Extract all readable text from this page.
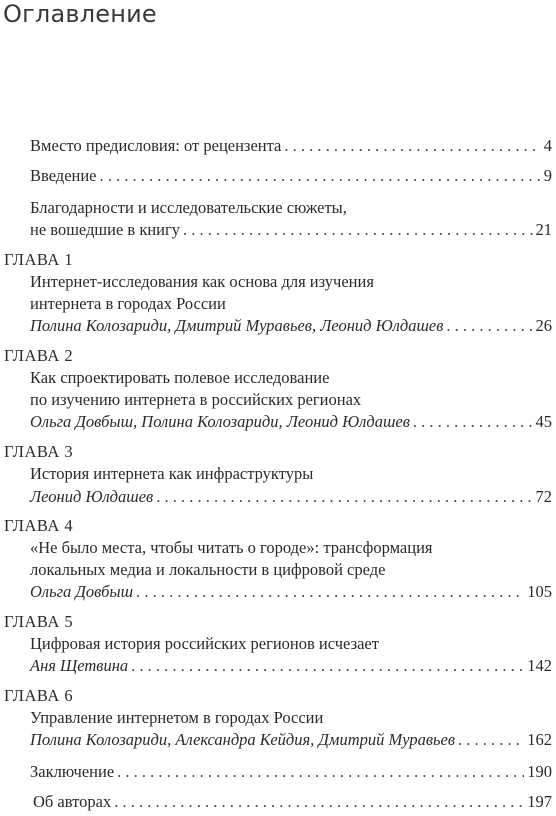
Оглавление
Вместо предисловия: от рецензента . . .	4
Введение . . .	9
Благодарности и исследовательские сюжеты,
не вошедшие в книгу . . .	21
ГЛАВА 1
Интернет-исследования как основа для изучения
интернета в городах России
Полина Колозариди, Дмитрий Муравьев, Леонид Юлдашев . . .	26
ГЛАВА 2
Как спроектировать полевое исследование
по изучению интернета в российских регионах
Ольга Довбыш, Полина Колозариди, Леонид Юлдашев . . .	45
ГЛАВА 3
История интернета как инфраструктуры
Леонид Юлдашев . . .	72
ГЛАВА 4
«Не было места, чтобы читать о городе»: трансформация
локальных медиа и локальности в цифровой среде
Ольга Довбыш . . .	105
ГЛАВА 5
Цифровая история российских регионов исчезает
Аня Щетвина . . .	142
ГЛАВА 6
Управление интернетом в городах России
Полина Колозариди, Александра Кейдия, Дмитрий Муравьев . . .	162
Заключение . . .	190
Об авторах . . .	197
